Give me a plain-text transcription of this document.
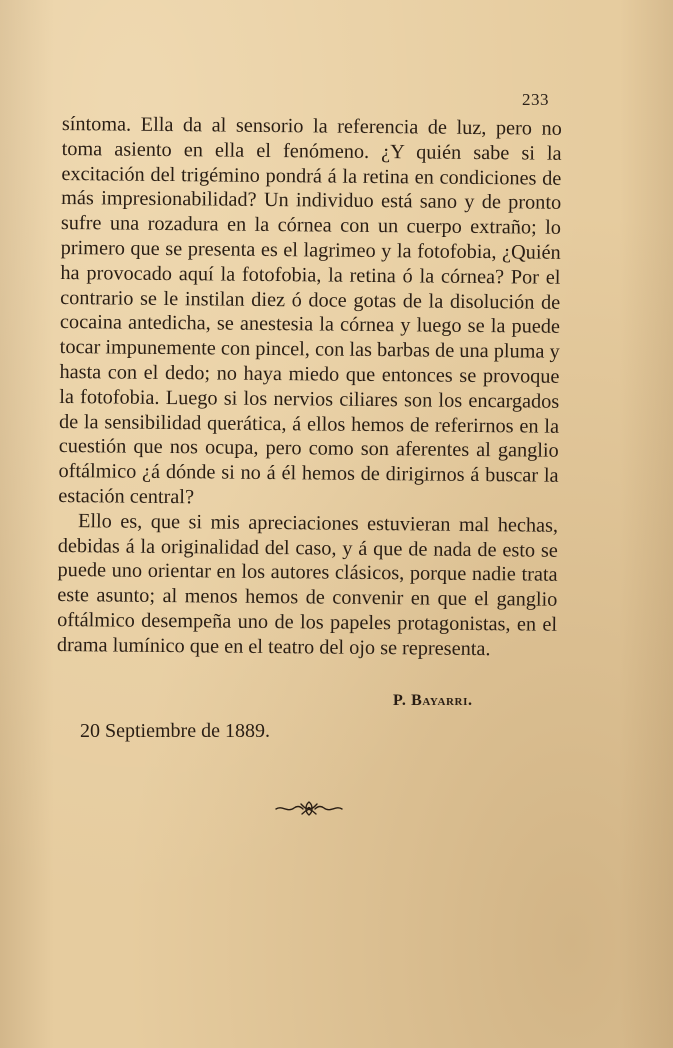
233

síntoma. Ella da al sensorio la referencia de luz, pero no toma asiento en ella el fenómeno. ¿Y quién sabe si la excitación del trigémino pondrá á la retina en condiciones de más impresionabilidad? Un individuo está sano y de pronto sufre una rozadura en la córnea con un cuerpo extraño; lo primero que se presenta es el lagrimeo y la fotofobia, ¿Quién ha provocado aquí la fotofobia, la retina ó la córnea? Por el contrario se le instilan diez ó doce gotas de la disolución de cocaina antedicha, se anestesia la córnea y luego se la puede tocar impunemente con pincel, con las barbas de una pluma y hasta con el dedo; no haya miedo que entonces se provoque la fotofobia. Luego si los nervios ciliares son los encargados de la sensibilidad querática, á ellos hemos de referirnos en la cuestión que nos ocupa, pero como son aferentes al ganglio oftálmico ¿á dónde si no á él hemos de dirigirnos á buscar la estación central?

Ello es, que si mis apreciaciones estuvieran mal hechas, debidas á la originalidad del caso, y á que de nada de esto se puede uno orientar en los autores clásicos, porque nadie trata este asunto; al menos hemos de convenir en que el ganglio oftálmico desempeña uno de los papeles protagonistas, en el drama lumínico que en el teatro del ojo se representa.

P. Bayarri.
20 Septiembre de 1889.
